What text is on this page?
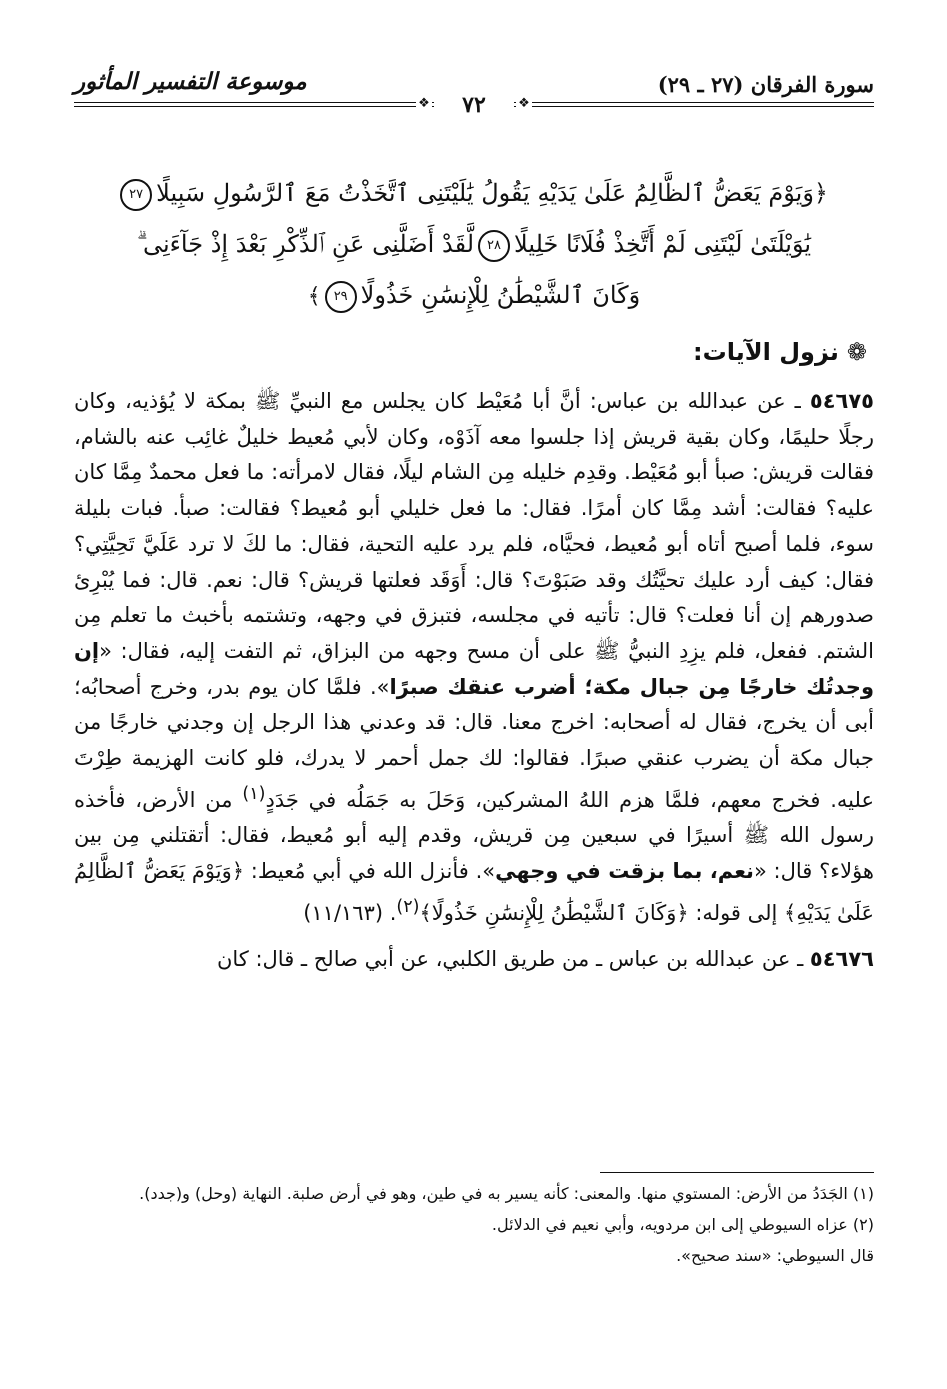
سورة الفرقان (٢٧ ـ ٢٩)
موسوعة التفسير المأثور
❖	٧٢	❖
﴿وَيَوْمَ يَعَضُّ ٱلظَّالِمُ عَلَىٰ يَدَيْهِ يَقُولُ يَٰلَيْتَنِى ٱتَّخَذْتُ مَعَ ٱلرَّسُولِ سَبِيلًا٢٧
يَٰوَيْلَتَىٰ لَيْتَنِى لَمْ أَتَّخِذْ فُلَانًا خَلِيلًا٢٨لَّقَدْ أَضَلَّنِى عَنِ ٱلذِّكْرِ بَعْدَ إِذْ جَآءَنِى ۗ
وَكَانَ ٱلشَّيْطَٰنُ لِلْإِنسَٰنِ خَذُولًا٢٩﴾
❁نزول الآيات:

٥٤٦٧٥ ـ عن عبدالله بن عباس: أنَّ أبا مُعَيْط كان يجلس مع النبيِّ ﷺ بمكة لا يُؤذيه، وكان رجلًا حليمًا، وكان بقية قريش إذا جلسوا معه آذَوْه، وكان لأبي مُعيط خليلٌ غائِب عنه بالشام، فقالت قريش: صبأ أبو مُعَيْط. وقدِم خليله مِن الشام ليلًا، فقال لامرأته: ما فعل محمدٌ مِمَّا كان عليه؟ فقالت: أشد مِمَّا كان أمرًا. فقال: ما فعل خليلي أبو مُعيط؟ فقالت: صبأ. فبات بليلة سوء، فلما أصبح أتاه أبو مُعيط، فحيَّاه، فلم يرد عليه التحية، فقال: ما لكَ لا ترد عَلَيَّ تَحِيَّتِي؟ فقال: كيف أرد عليك تحيَّتُك وقد صَبَوْتَ؟ قال: أَوَقَد فعلتها قريش؟ قال: نعم. قال: فما يُبْرِئ صدورهم إن أنا فعلت؟ قال: تأتيه في مجلسه، فتبزق في وجهه، وتشتمه بأخبث ما تعلم مِن الشتم. ففعل، فلم يزِدِ النبيُّ ﷺ على أن مسح وجهه من البزاق، ثم التفت إليه، فقال: «إن وجدتُك خارجًا مِن جبال مكة؛ أضرب عنقك صبرًا». فلمَّا كان يوم بدر، وخرج أصحابُه؛ أبى أن يخرج، فقال له أصحابه: اخرج معنا. قال: قد وعدني هذا الرجل إن وجدني خارجًا من جبال مكة أن يضرب عنقي صبرًا. فقالوا: لك جمل أحمر لا يدرك، فلو كانت الهزيمة طِرْتَ عليه. فخرج معهم، فلمَّا هزم اللهُ المشركين، وَحَلَ به جَمَلُه في جَدَدٍ$^{(١)}$ من الأرض، فأخذه رسول الله ﷺ أسيرًا في سبعين مِن قريش، وقدم إليه أبو مُعيط، فقال: أتقتلني مِن بين هؤلاء؟ قال: «نعم، بما بزقت في وجهي». فأنزل الله في أبي مُعيط: ﴿وَيَوْمَ يَعَضُّ ٱلظَّالِمُ عَلَىٰ يَدَيْهِ﴾ إلى قوله: ﴿وَكَانَ ٱلشَّيْطَٰنُ لِلْإِنسَٰنِ خَذُولًا﴾$^{(٢)}$. (١١/١٦٣)

٥٤٦٧٦ ـ عن عبدالله بن عباس ـ من طريق الكلبي، عن أبي صالح ـ قال: كان

(١) الجَدَدُ من الأرض: المستوي منها. والمعنى: كأنه يسير به في طين، وهو في أرض صلبة. النهاية (وحل) و(جدد).

(٢) عزاه السيوطي إلى ابن مردويه، وأبي نعيم في الدلائل.

قال السيوطي: «سند صحيح».
